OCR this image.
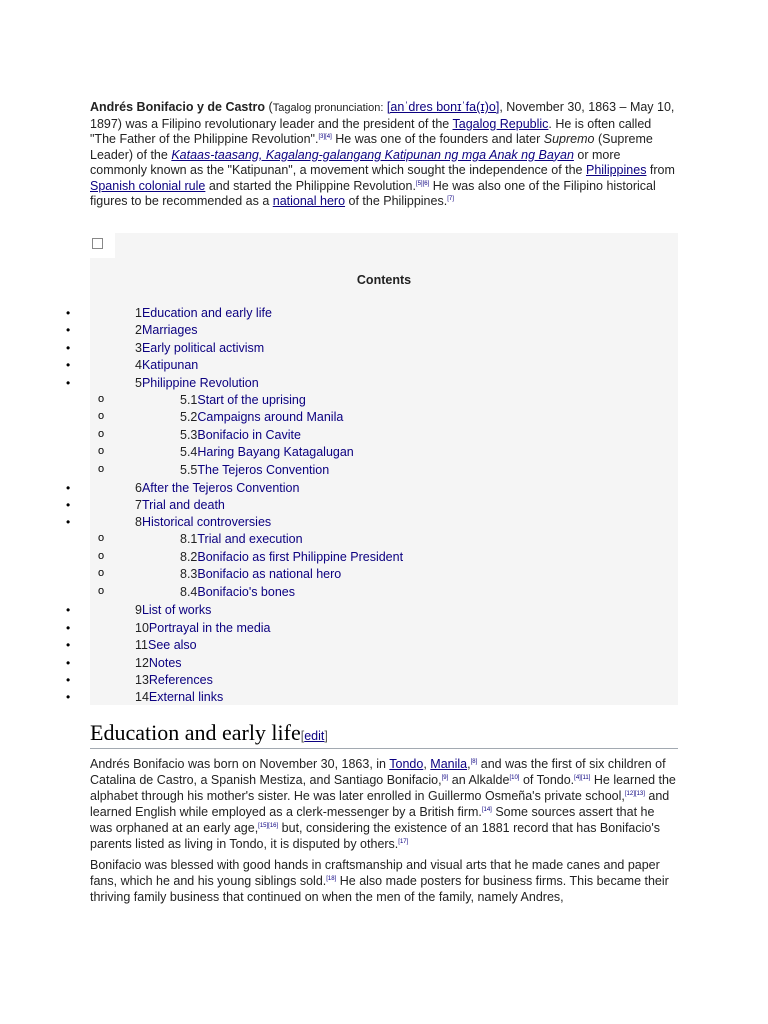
Andrés Bonifacio y de Castro (Tagalog pronunciation: [anˈdres bonɪˈfa(ɪ)o], November 30, 1863 – May 10, 1897) was a Filipino revolutionary leader and the president of the Tagalog Republic. He is often called "The Father of the Philippine Revolution".[3][4] He was one of the founders and later Supremo (Supreme Leader) of the Kataas-taasang, Kagalang-galangang Katipunan ng mga Anak ng Bayan or more commonly known as the "Katipunan", a movement which sought the independence of the Philippines from Spanish colonial rule and started the Philippine Revolution.[5][6] He was also one of the Filipino historical figures to be recommended as a national hero of the Philippines.[7]
Contents
•	1Education and early life
•	2Marriages
•	3Early political activism
•	4Katipunan
•	5Philippine Revolution
o	5.1Start of the uprising
o	5.2Campaigns around Manila
o	5.3Bonifacio in Cavite
o	5.4Haring Bayang Katagalugan
o	5.5The Tejeros Convention
•	6After the Tejeros Convention
•	7Trial and death
•	8Historical controversies
o	8.1Trial and execution
o	8.2Bonifacio as first Philippine President
o	8.3Bonifacio as national hero
o	8.4Bonifacio's bones
•	9List of works
•	10Portrayal in the media
•	11See also
•	12Notes
•	13References
•	14External links
Education and early life[edit]
Andrés Bonifacio was born on November 30, 1863, in Tondo, Manila,[8] and was the first of six children of Catalina de Castro, a Spanish Mestiza, and Santiago Bonifacio,[9] an Alkalde[10] of Tondo.[4][11] He learned the alphabet through his mother's sister. He was later enrolled in Guillermo Osmeña's private school,[12][13] and learned English while employed as a clerk-messenger by a British firm.[14] Some sources assert that he was orphaned at an early age,[15][16] but, considering the existence of an 1881 record that has Bonifacio's parents listed as living in Tondo, it is disputed by others.[17]
Bonifacio was blessed with good hands in craftsmanship and visual arts that he made canes and paper fans, which he and his young siblings sold.[18] He also made posters for business firms. This became their thriving family business that continued on when the men of the family, namely Andres,
